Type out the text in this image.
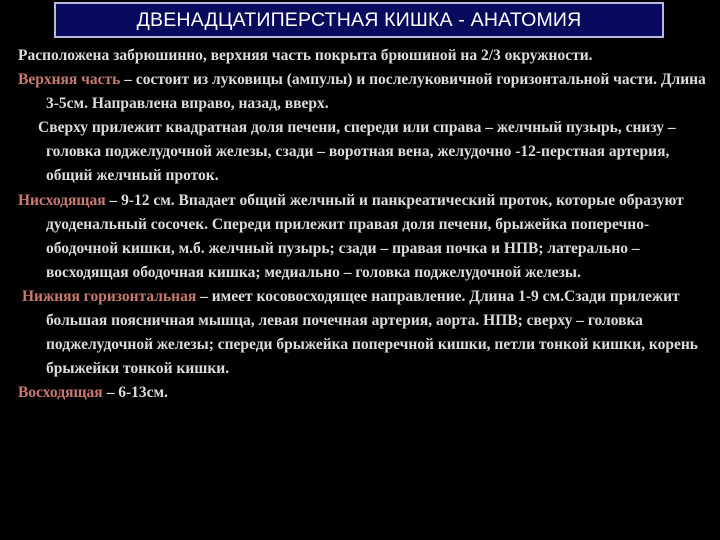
ДВЕНАДЦАТИПЕРСТНАЯ КИШКА - АНАТОМИЯ

Расположена забрюшинно, верхняя часть покрыта брюшиной на 2/3 окружности.

Верхняя часть – состоит из луковицы (ампулы) и послелуковичной горизонтальной части. Длина 3-5см. Направлена вправо, назад, вверх.

Сверху прилежит квадратная доля печени, спереди или справа – желчный пузырь, снизу – головка поджелудочной железы, сзади – воротная вена, желудочно -12-перстная артерия, общий желчный проток.

Нисходящая – 9-12 см. Впадает общий желчный и панкреатический проток, которые образуют дуоденальный сосочек. Спереди прилежит правая доля печени, брыжейка поперечно-ободочной кишки, м.б. желчный пузырь; сзади – правая почка и НПВ; латерально – восходящая ободочная кишка; медиально – головка поджелудочной железы.

Нижняя горизонтальная – имеет косовосходящее направление. Длина 1-9 см.Сзади прилежит большая поясничная мышца, левая почечная артерия, аорта. НПВ; сверху – головка поджелудочной железы; спереди брыжейка поперечной кишки, петли тонкой кишки, корень брыжейки тонкой кишки.

Восходящая – 6-13см.
